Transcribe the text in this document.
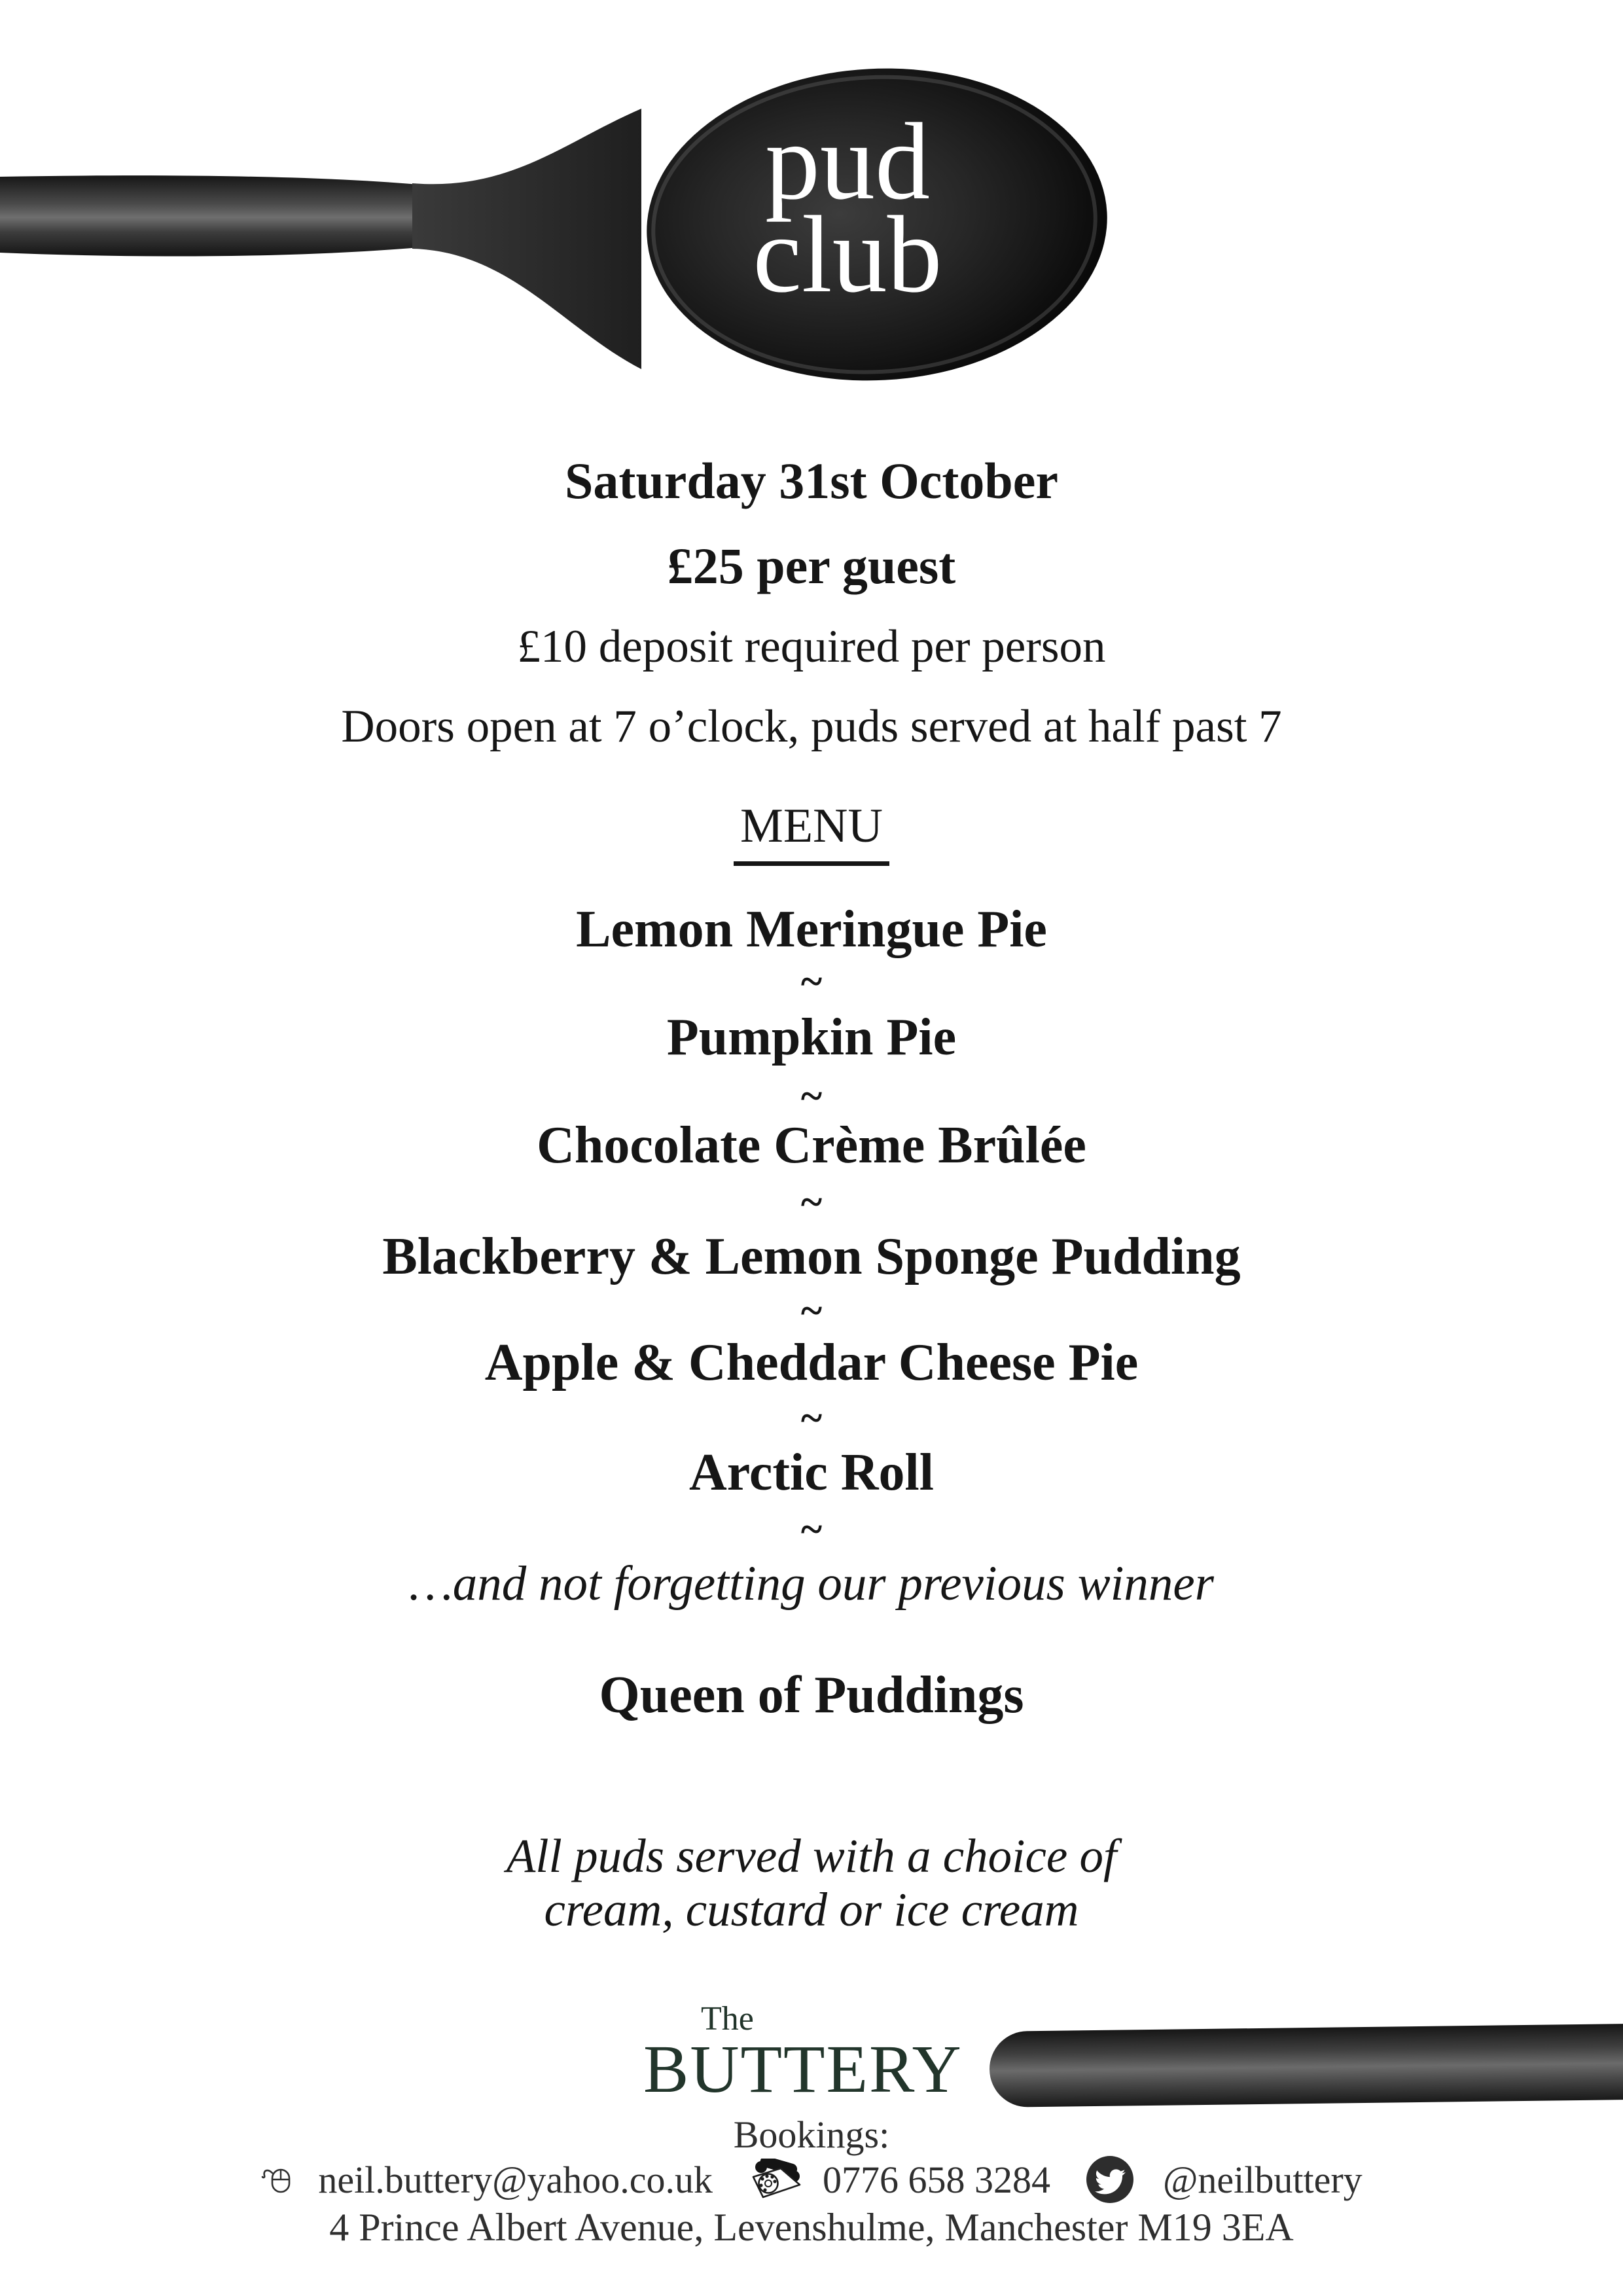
pud
club
Saturday 31st October
£25 per guest
£10 deposit required per person
Doors open at 7 o’clock, puds served at half past 7
MENU
Lemon Meringue Pie
~
Pumpkin Pie
~
Chocolate Crème Brûlée
~
Blackberry & Lemon Sponge Pudding
~
Apple & Cheddar Cheese Pie
~
Arctic Roll
~
…and not forgetting our previous winner
Queen of Puddings
All puds served with a choice of
cream, custard or ice cream
The
BUTTERY
Bookings:
neil.buttery@yahoo.co.uk	0776 658 3284	@neilbuttery
4 Prince Albert Avenue, Levenshulme, Manchester M19 3EA
